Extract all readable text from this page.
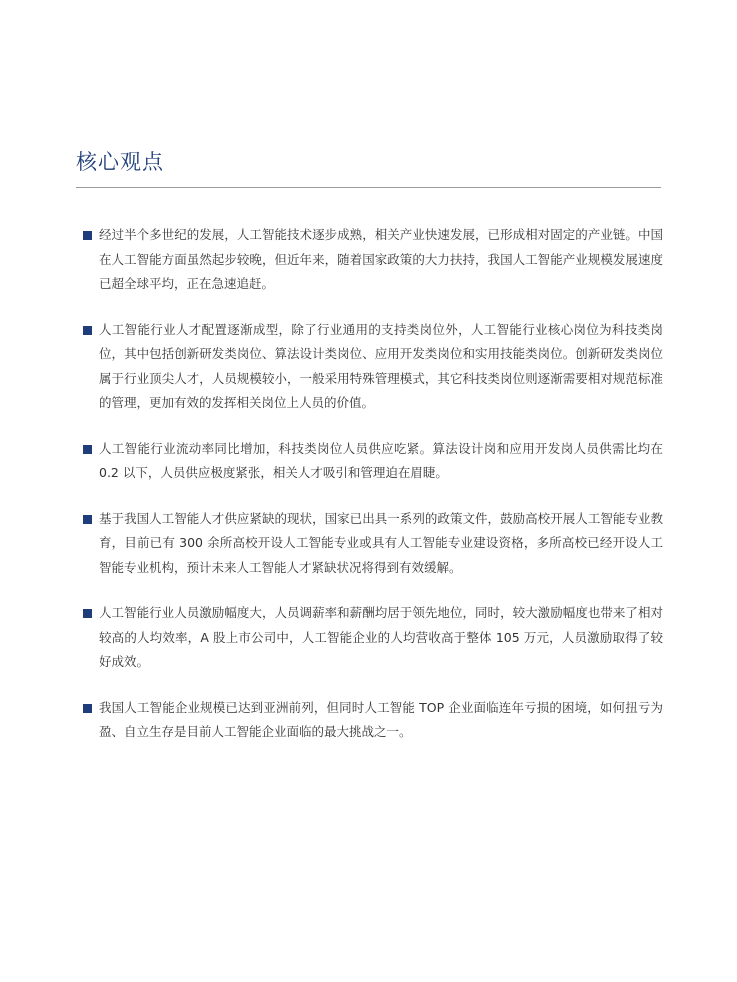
核心观点
经过半个多世纪的发展，人工智能技术逐步成熟，相关产业快速发展，已形成相对固定的产业链。中国在人工智能方面虽然起步较晚，但近年来，随着国家政策的大力扶持，我国人工智能产业规模发展速度已超全球平均，正在急速追赶。
人工智能行业人才配置逐渐成型，除了行业通用的支持类岗位外，人工智能行业核心岗位为科技类岗位，其中包括创新研发类岗位、算法设计类岗位、应用开发类岗位和实用技能类岗位。创新研发类岗位属于行业顶尖人才，人员规模较小，一般采用特殊管理模式，其它科技类岗位则逐渐需要相对规范标准的管理，更加有效的发挥相关岗位上人员的价值。
人工智能行业流动率同比增加，科技类岗位人员供应吃紧。算法设计岗和应用开发岗人员供需比均在 0.2 以下，人员供应极度紧张，相关人才吸引和管理迫在眉睫。
基于我国人工智能人才供应紧缺的现状，国家已出具一系列的政策文件，鼓励高校开展人工智能专业教育，目前已有 300 余所高校开设人工智能专业或具有人工智能专业建设资格，多所高校已经开设人工智能专业机构，预计未来人工智能人才紧缺状况将得到有效缓解。
人工智能行业人员激励幅度大，人员调薪率和薪酬均居于领先地位，同时，较大激励幅度也带来了相对较高的人均效率，A 股上市公司中，人工智能企业的人均营收高于整体 105 万元，人员激励取得了较好成效。
我国人工智能企业规模已达到亚洲前列，但同时人工智能 TOP 企业面临连年亏损的困境，如何扭亏为盈、自立生存是目前人工智能企业面临的最大挑战之一。
